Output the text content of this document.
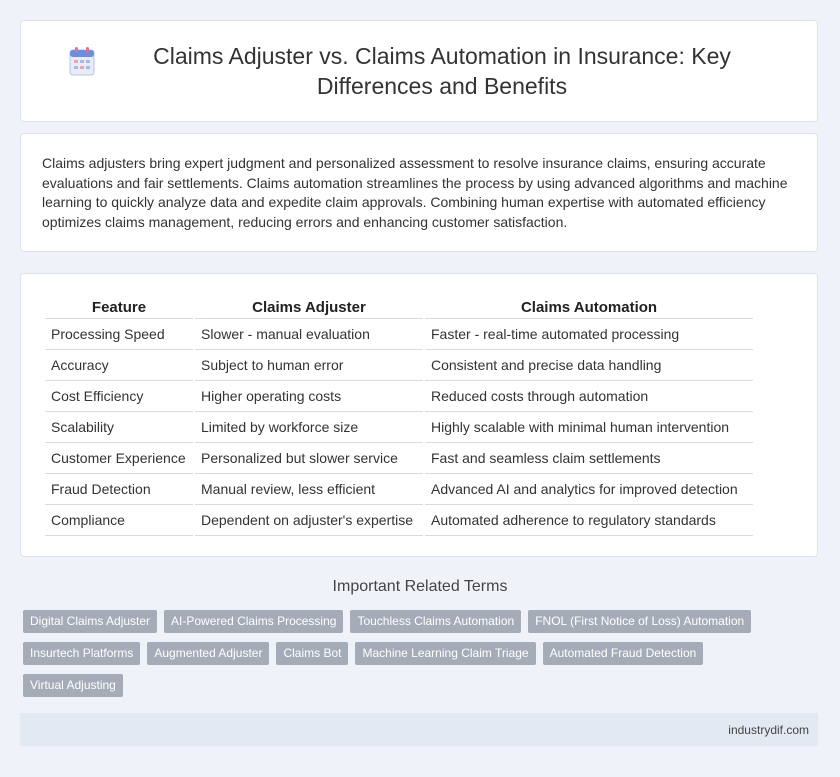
Claims Adjuster vs. Claims Automation in Insurance: Key Differences and Benefits

Claims adjusters bring expert judgment and personalized assessment to resolve insurance claims, ensuring accurate evaluations and fair settlements. Claims automation streamlines the process by using advanced algorithms and machine learning to quickly analyze data and expedite claim approvals. Combining human expertise with automated efficiency optimizes claims management, reducing errors and enhancing customer satisfaction.

Feature	Claims Adjuster	Claims Automation
Processing Speed	Slower - manual evaluation	Faster - real-time automated processing
Accuracy	Subject to human error	Consistent and precise data handling
Cost Efficiency	Higher operating costs	Reduced costs through automation
Scalability	Limited by workforce size	Highly scalable with minimal human intervention
Customer Experience	Personalized but slower service	Fast and seamless claim settlements
Fraud Detection	Manual review, less efficient	Advanced AI and analytics for improved detection
Compliance	Dependent on adjuster's expertise	Automated adherence to regulatory standards
Important Related Terms
Digital Claims Adjuster	AI-Powered Claims Processing	Touchless Claims Automation	FNOL (First Notice of Loss) Automation
Insurtech Platforms	Augmented Adjuster	Claims Bot	Machine Learning Claim Triage	Automated Fraud Detection
Virtual Adjusting
industrydif.com
